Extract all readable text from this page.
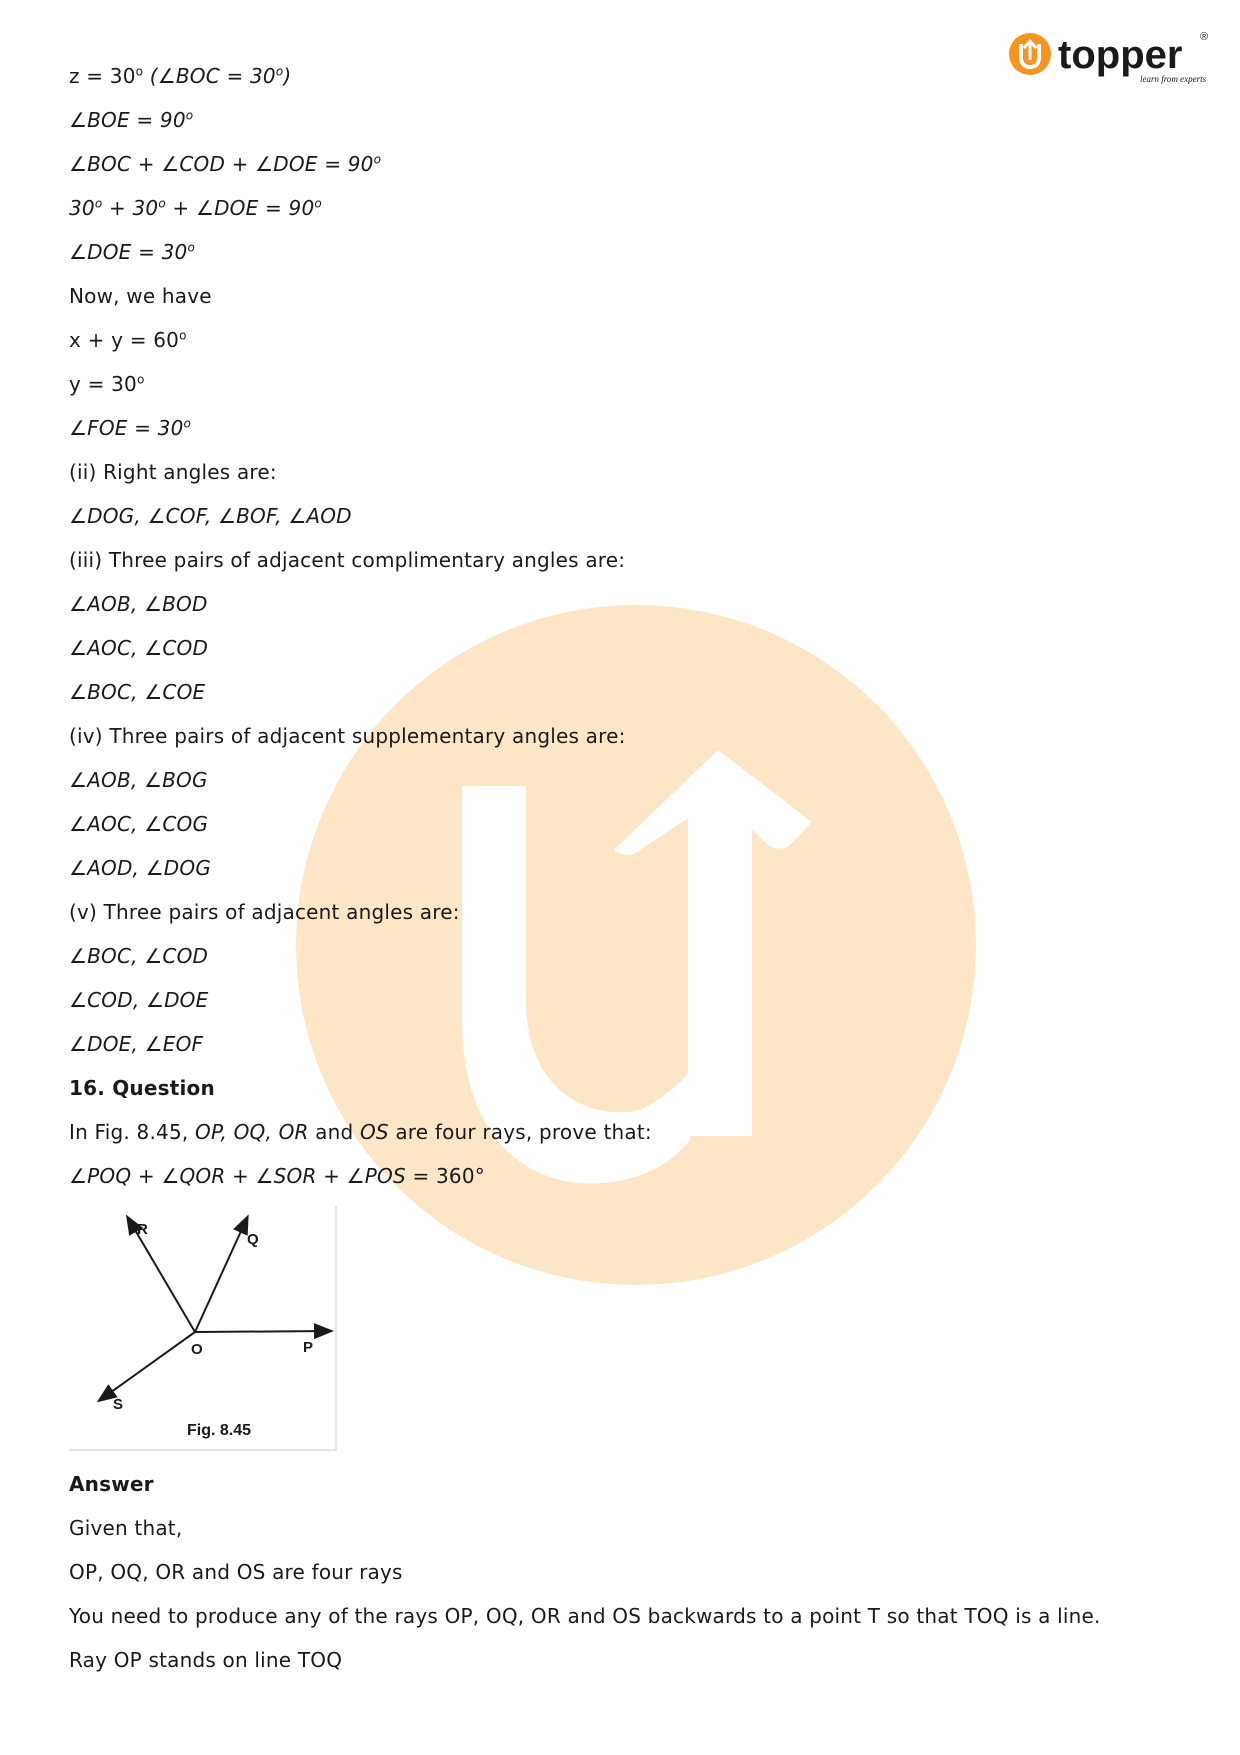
topper ®
learn from experts
$z = 30^o$ (∠BOC = $30^o$)
∠BOE = $90^o$
∠BOC + ∠COD + ∠DOE = $90^o$
$30^o + 30^o$ + ∠DOE = $90^o$
∠DOE = $30^o$
Now, we have
$x + y = 60^o$
$y = 30^o$
∠FOE = $30^o$
(ii) Right angles are:
∠DOG, ∠COF, ∠BOF, ∠AOD
(iii) Three pairs of adjacent complimentary angles are:
∠AOB, ∠BOD
∠AOC, ∠COD
∠BOC, ∠COE
(iv) Three pairs of adjacent supplementary angles are:
∠AOB, ∠BOG
∠AOC, ∠COG
∠AOD, ∠DOG
(v) Three pairs of adjacent angles are:
∠BOC, ∠COD
∠COD, ∠DOE
∠DOE, ∠EOF
16. Question
In Fig. 8.45, OP, OQ, OR and OS are four rays, prove that:
∠POQ + ∠QOR + ∠SOR + ∠POS = 360°
R
Q
O	P
S
Fig. 8.45
Answer
Given that,
OP, OQ, OR and OS are four rays
You need to produce any of the rays OP, OQ, OR and OS backwards to a point T so that TOQ is a line.
Ray OP stands on line TOQ
